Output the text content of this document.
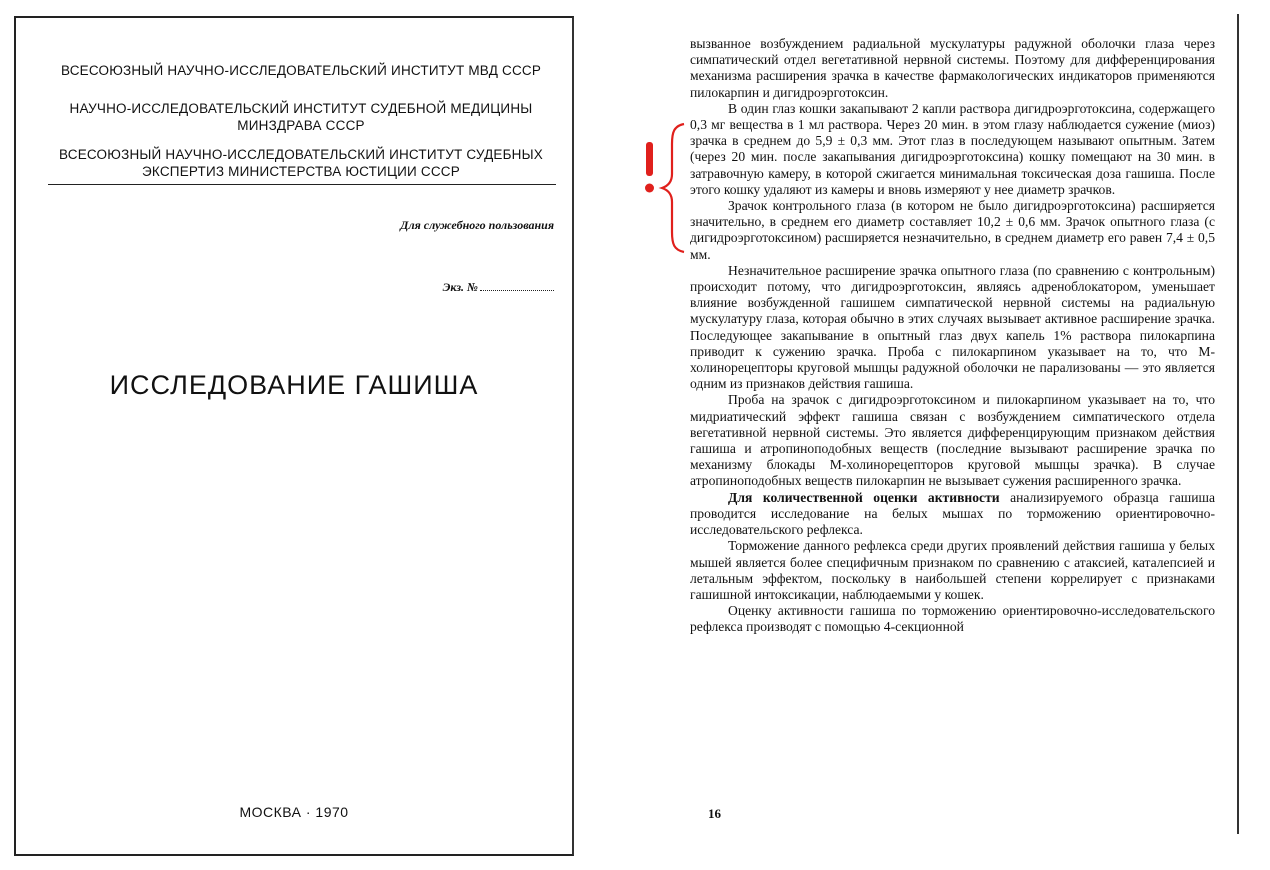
ВСЕСОЮЗНЫЙ НАУЧНО-ИССЛЕДОВАТЕЛЬСКИЙ ИНСТИТУТ МВД СССР
НАУЧНО-ИССЛЕДОВАТЕЛЬСКИЙ ИНСТИТУТ СУДЕБНОЙ МЕДИЦИНЫ МИНЗДРАВА СССР
ВСЕСОЮЗНЫЙ НАУЧНО-ИССЛЕДОВАТЕЛЬСКИЙ ИНСТИТУТ СУДЕБНЫХ ЭКСПЕРТИЗ МИНИСТЕРСТВА ЮСТИЦИИ СССР
Для служебного пользования
Экз. №
ИССЛЕДОВАНИЕ ГАШИША
МОСКВА · 1970

вызванное возбуждением радиальной мускулатуры радужной оболочки глаза через симпатический отдел вегетативной нервной системы. Поэтому для дифференцирования механизма расширения зрачка в качестве фармакологических индикаторов применяются пилокарпин и дигидроэрготоксин.

В один глаз кошки закапывают 2 капли раствора дигидроэрготоксина, содержащего 0,3 мг вещества в 1 мл раствора. Через 20 мин. в этом глазу наблюдается сужение (миоз) зрачка в среднем до 5,9 ± 0,3 мм. Этот глаз в последующем называют опытным. Затем (через 20 мин. после закапывания дигидроэрготоксина) кошку помещают на 30 мин. в затравочную камеру, в которой сжигается минимальная токсическая доза гашиша. После этого кошку удаляют из камеры и вновь измеряют у нее диаметр зрачков.

Зрачок контрольного глаза (в котором не было дигидроэрготоксина) расширяется значительно, в среднем его диаметр составляет 10,2 ± 0,6 мм. Зрачок опытного глаза (с дигидроэрготоксином) расширяется незначительно, в среднем диаметр его равен 7,4 ± 0,5 мм.

Незначительное расширение зрачка опытного глаза (по сравнению с контрольным) происходит потому, что дигидроэрготоксин, являясь адреноблокатором, уменьшает влияние возбужденной гашишем симпатической нервной системы на радиальную мускулатуру глаза, которая обычно в этих случаях вызывает активное расширение зрачка. Последующее закапывание в опытный глаз двух капель 1% раствора пилокарпина приводит к сужению зрачка. Проба с пилокарпином указывает на то, что М-холинорецепторы круговой мышцы радужной оболочки не парализованы — это является одним из признаков действия гашиша.

Проба на зрачок с дигидроэрготоксином и пилокарпином указывает на то, что мидриатический эффект гашиша связан с возбуждением симпатического отдела вегетативной нервной системы. Это является дифференцирующим признаком действия гашиша и атропиноподобных веществ (последние вызывают расширение зрачка по механизму блокады М-холинорецепторов круговой мышцы зрачка). В случае атропиноподобных веществ пилокарпин не вызывает сужения расширенного зрачка.

Для количественной оценки активности анализируемого образца гашиша проводится исследование на белых мышах по торможению ориентировочно-исследовательского рефлекса.

Торможение данного рефлекса среди других проявлений действия гашиша у белых мышей является более специфичным признаком по сравнению с атаксией, каталепсией и летальным эффектом, поскольку в наибольшей степени коррелирует с признаками гашишной интоксикации, наблюдаемыми у кошек.

Оценку активности гашиша по торможению ориентировочно-исследовательского рефлекса производят с помощью 4-секционной

16
